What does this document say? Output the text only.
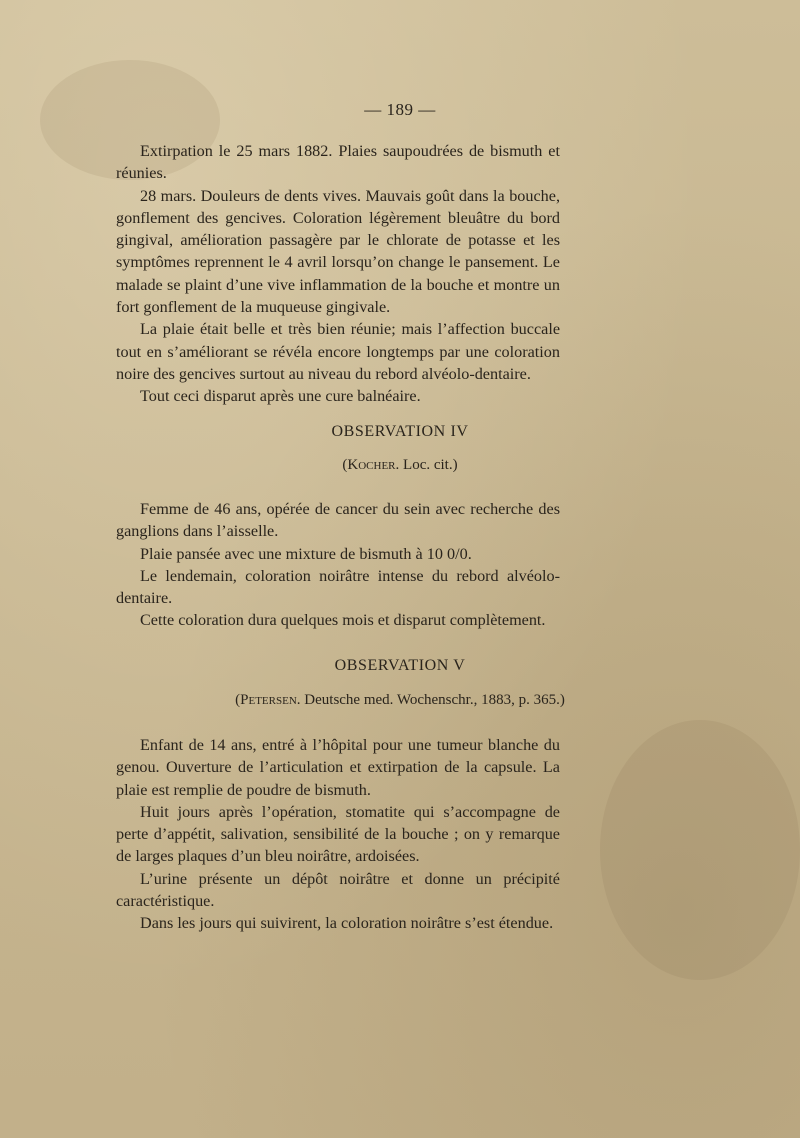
— 189 —

Extirpation le 25 mars 1882. Plaies saupoudrées de bismuth et réunies.

28 mars. Douleurs de dents vives. Mauvais goût dans la bouche, gonflement des gencives. Coloration légèrement bleuâtre du bord gingival, amélioration passagère par le chlorate de potasse et les symptômes reprennent le 4 avril lorsqu’on change le pansement. Le malade se plaint d’une vive inflammation de la bouche et montre un fort gonflement de la muqueuse gingivale.

La plaie était belle et très bien réunie; mais l’affection buccale tout en s’améliorant se révéla encore longtemps par une coloration noire des gencives surtout au niveau du rebord alvéolo-dentaire.

Tout ceci disparut après une cure balnéaire.

OBSERVATION IV
(Kocher. Loc. cit.)

Femme de 46 ans, opérée de cancer du sein avec recherche des ganglions dans l’aisselle.

Plaie pansée avec une mixture de bismuth à 10 0/0.

Le lendemain, coloration noirâtre intense du rebord alvéolo-dentaire.

Cette coloration dura quelques mois et disparut complètement.

OBSERVATION V
(Petersen. Deutsche med. Wochenschr., 1883, p. 365.)

Enfant de 14 ans, entré à l’hôpital pour une tumeur blanche du genou. Ouverture de l’articulation et extirpation de la capsule. La plaie est remplie de poudre de bismuth.

Huit jours après l’opération, stomatite qui s’accompagne de perte d’appétit, salivation, sensibilité de la bouche ; on y remarque de larges plaques d’un bleu noirâtre, ardoisées.

L’urine présente un dépôt noirâtre et donne un précipité caractéristique.

Dans les jours qui suivirent, la coloration noirâtre s’est étendue.
